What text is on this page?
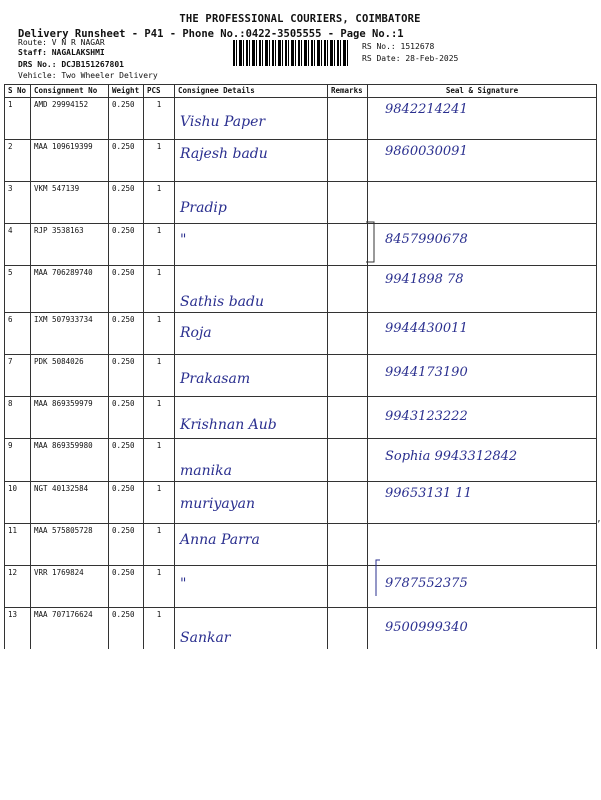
THE PROFESSIONAL COURIERS, COIMBATORE
Delivery Runsheet - P41 - Phone No.:0422-3505555 - Page No.:1
Route: V N R NAGAR
Staff: NAGALAKSHMI
DRS No.: DCJB151267801
Vehicle: Two Wheeler Delivery
RS No.: 1512678
RS Date: 28-Feb-2025
S No	Consignment No	Weight	PCS	Consignee Details	Remarks	Seal & Signature
1	AMD 29994152	0.250	1	Vishu Paper		9842214241
2	MAA 109619399	0.250	1	Rajesh badu		9860030091
3	VKM 547139	0.250	1	Pradip		
4	RJP 3538163	0.250	1	"		8457990678
5	MAA 706289740	0.250	1	Sathis badu		9941898 78
6	IXM 507933734	0.250	1	Roja		9944430011
7	PDK 5084026	0.250	1	Prakasam		9944173190
8	MAA 869359979	0.250	1	Krishnan Aub		9943123222
9	MAA 869359980	0.250	1	manika		Sophia 9943312842
10	NGT 40132584	0.250	1	muriyayan		99653131 11
11	MAA 575805728	0.250	1	Anna Parra		
12	VRR 1769824	0.250	1	"		9787552375
13	MAA 707176624	0.250	1	Sankar		9500999340
’
